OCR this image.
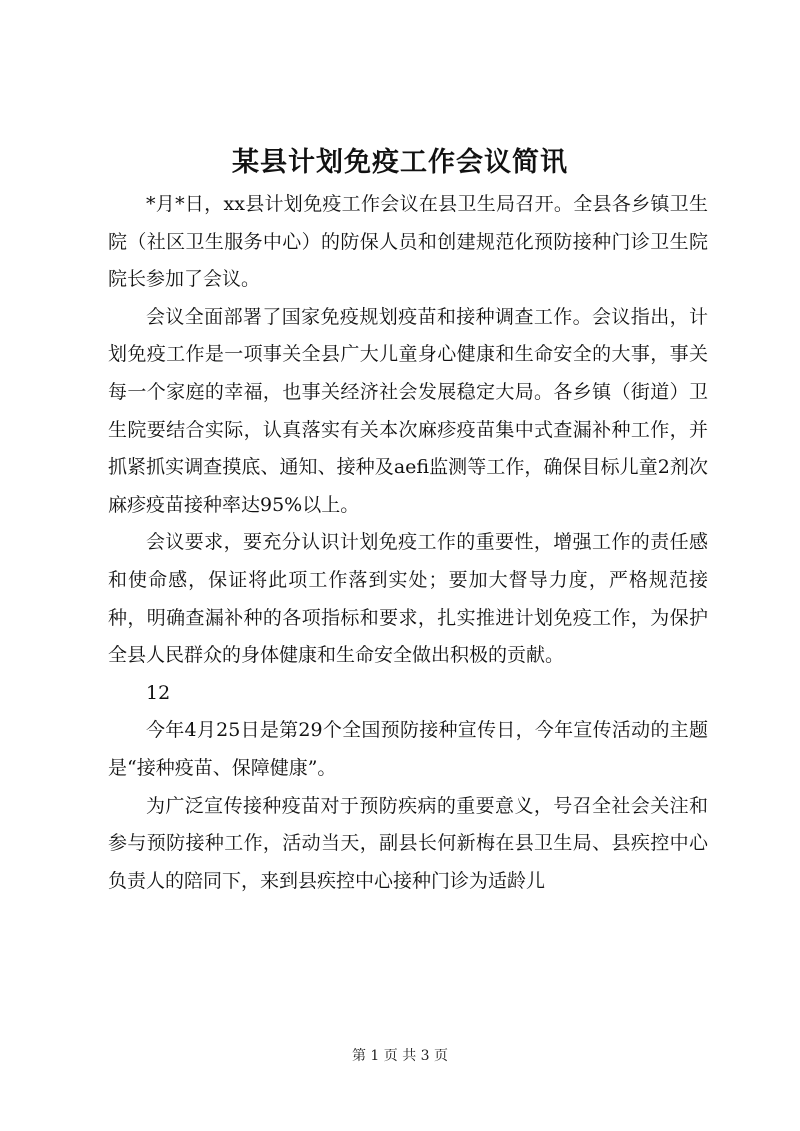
某县计划免疫工作会议简讯

*月*日，xx县计划免疫工作会议在县卫生局召开。全县各乡镇卫生院（社区卫生服务中心）的防保人员和创建规范化预防接种门诊卫生院院长参加了会议。

会议全面部署了国家免疫规划疫苗和接种调查工作。会议指出，计划免疫工作是一项事关全县广大儿童身心健康和生命安全的大事，事关每一个家庭的幸福，也事关经济社会发展稳定大局。各乡镇（街道）卫生院要结合实际，认真落实有关本次麻疹疫苗集中式查漏补种工作，并抓紧抓实调查摸底、通知、接种及aefi监测等工作，确保目标儿童2剂次麻疹疫苗接种率达95%以上。

会议要求，要充分认识计划免疫工作的重要性，增强工作的责任感和使命感，保证将此项工作落到实处；要加大督导力度，严格规范接种，明确查漏补种的各项指标和要求，扎实推进计划免疫工作，为保护全县人民群众的身体健康和生命安全做出积极的贡献。

12

今年4月25日是第29个全国预防接种宣传日，今年宣传活动的主题是“接种疫苗、保障健康”。

为广泛宣传接种疫苗对于预防疾病的重要意义，号召全社会关注和参与预防接种工作，活动当天，副县长何新梅在县卫生局、县疾控中心负责人的陪同下，来到县疾控中心接种门诊为适龄儿

第 1 页 共 3 页
